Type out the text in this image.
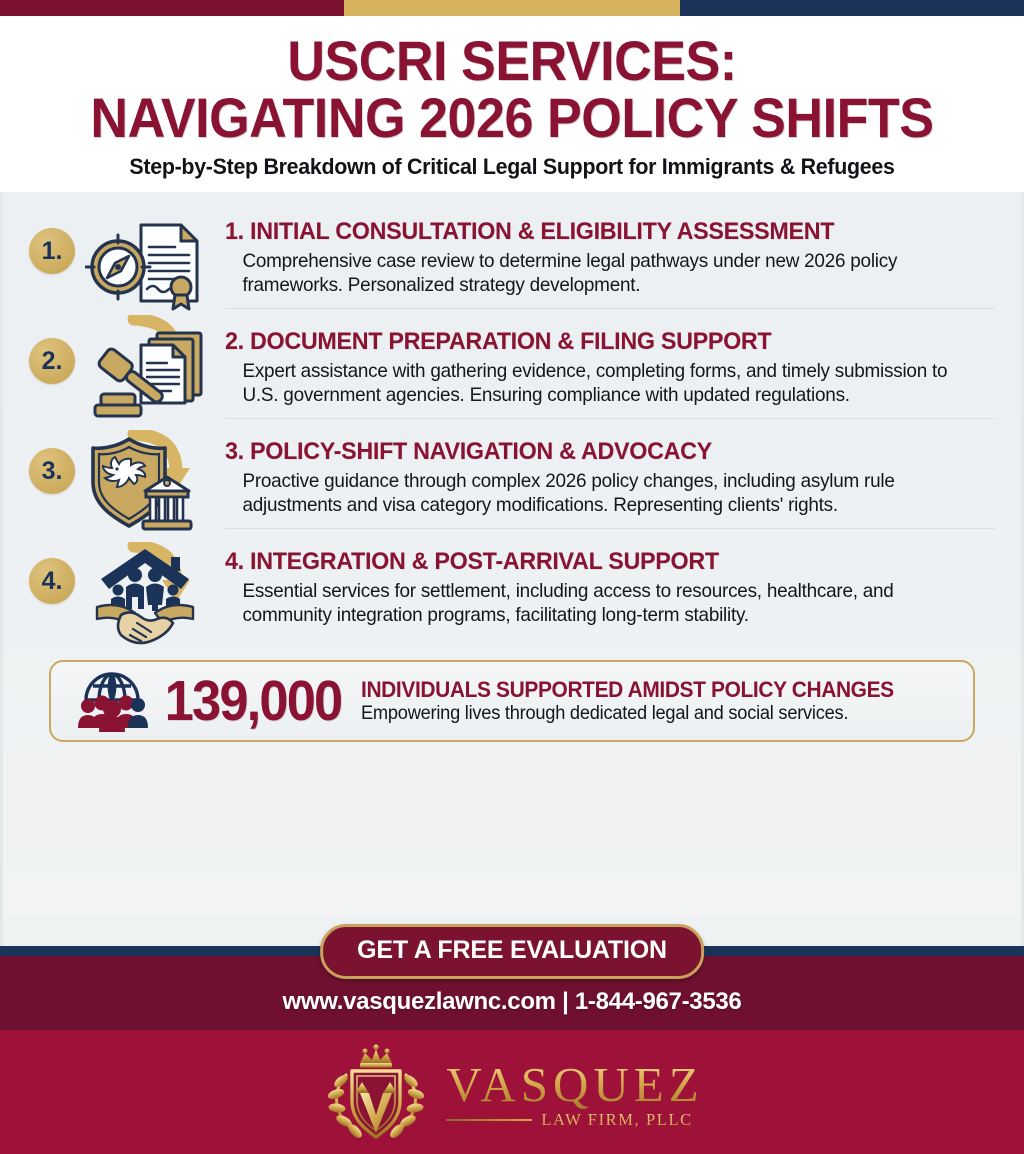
USCRI SERVICES:
NAVIGATING 2026 POLICY SHIFTS
Step-by-Step Breakdown of Critical Legal Support for Immigrants & Refugees
1.
1. INITIAL CONSULTATION & ELIGIBILITY ASSESSMENT
Comprehensive case review to determine legal pathways under new 2026 policy frameworks. Personalized strategy development.
2.
2. DOCUMENT PREPARATION & FILING SUPPORT
Expert assistance with gathering evidence, completing forms, and timely submission to U.S. government agencies. Ensuring compliance with updated regulations.
3.
3. POLICY-SHIFT NAVIGATION & ADVOCACY
Proactive guidance through complex 2026 policy changes, including asylum rule adjustments and visa category modifications. Representing clients' rights.
4.
4. INTEGRATION & POST-ARRIVAL SUPPORT
Essential services for settlement, including access to resources, healthcare, and community integration programs, facilitating long-term stability.
139,000 INDIVIDUALS SUPPORTED AMIDST POLICY CHANGES
Empowering lives through dedicated legal and social services.
GET A FREE EVALUATION
www.vasquezlawnc.com | 1-844-967-3536
VASQUEZ
LAW FIRM, PLLC
